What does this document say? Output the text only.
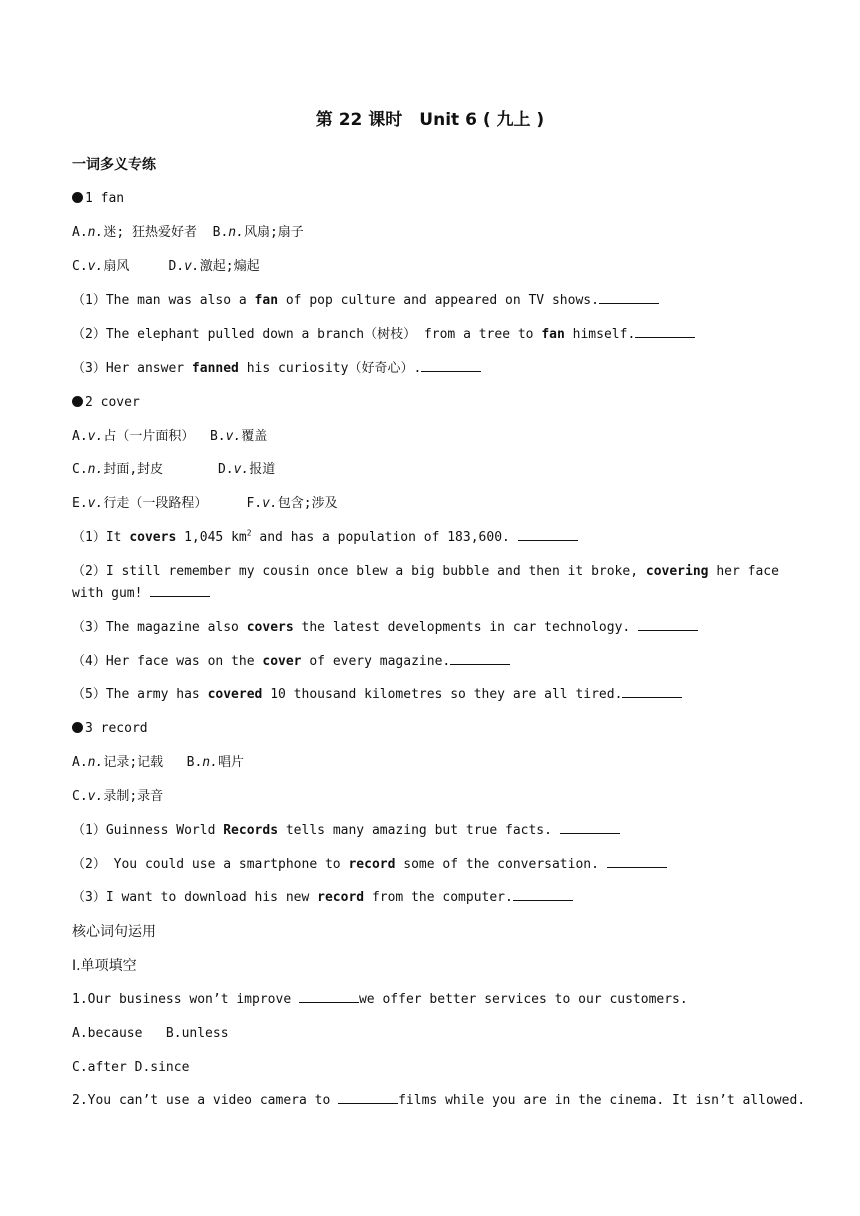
第 22 课时　Unit 6 ( 九上 )
一词多义专练
1 fan
A.n.迷; 狂热爱好者  B.n.风扇;扇子
C.v.扇风     D.v.激起;煽起
（1）The man was also a fan of pop culture and appeared on TV shows.
（2）The elephant pulled down a branch（树枝） from a tree to fan himself.
（3）Her answer fanned his curiosity（好奇心）.
2 cover
A.v.占（一片面积）  B.v.覆盖
C.n.封面,封皮       D.v.报道
E.v.行走（一段路程）     F.v.包含;涉及
（1）It covers 1,045 $km^2$ and has a population of 183,600.
（2）I still remember my cousin once blew a big bubble and then it broke, covering her face with gum!
（3）The magazine also covers the latest developments in car technology.
（4）Her face was on the cover of every magazine.
（5）The army has covered 10 thousand kilometres so they are all tired.
3 record
A.n.记录;记载   B.n.唱片
C.v.录制;录音
（1）Guinness World Records tells many amazing but true facts.
（2） You could use a smartphone to record some of the conversation.
（3）I want to download his new record from the computer.
核心词句运用
Ⅰ.单项填空
1.Our business won’t improve	we offer better services to our customers.
A.because   B.unless
C.after D.since
2.You can’t use a video camera to	films while you are in the cinema. It isn’t allowed.
